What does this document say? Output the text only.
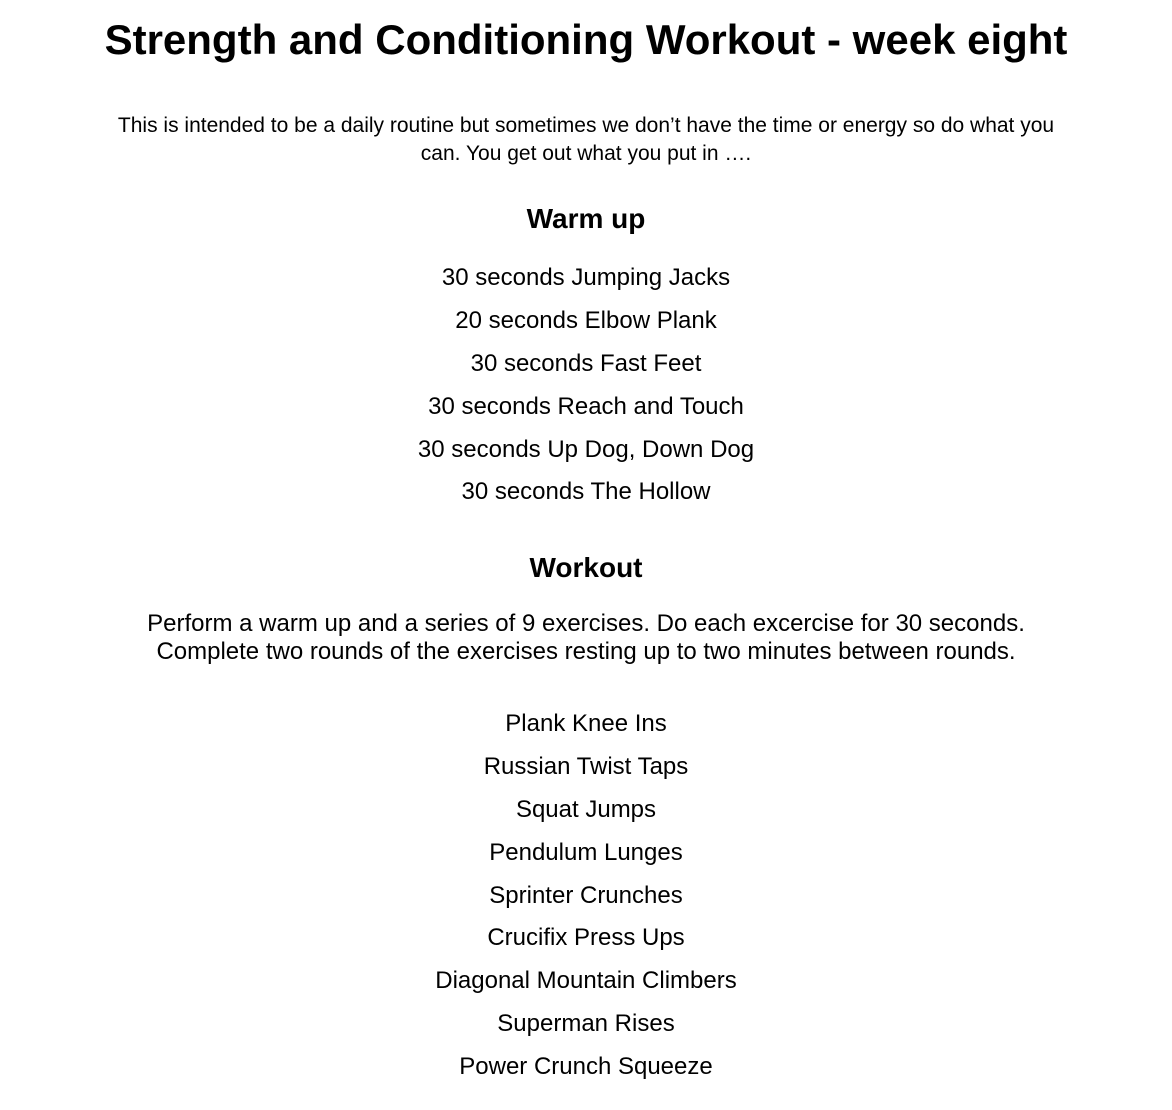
Strength and Conditioning Workout - week eight

This is intended to be a daily routine but sometimes we don’t have the time or energy so do what you can. You get out what you put in ….

Warm up
30 seconds Jumping Jacks
20 seconds Elbow Plank
30 seconds Fast Feet
30 seconds Reach and Touch
30 seconds Up Dog, Down Dog
30 seconds The Hollow
Workout
Perform a warm up and a series of 9 exercises. Do each excercise for 30 seconds.
Complete two rounds of the exercises resting up to two minutes between rounds.
Plank Knee Ins
Russian Twist Taps
Squat Jumps
Pendulum Lunges
Sprinter Crunches
Crucifix Press Ups
Diagonal Mountain Climbers
Superman Rises
Power Crunch Squeeze
